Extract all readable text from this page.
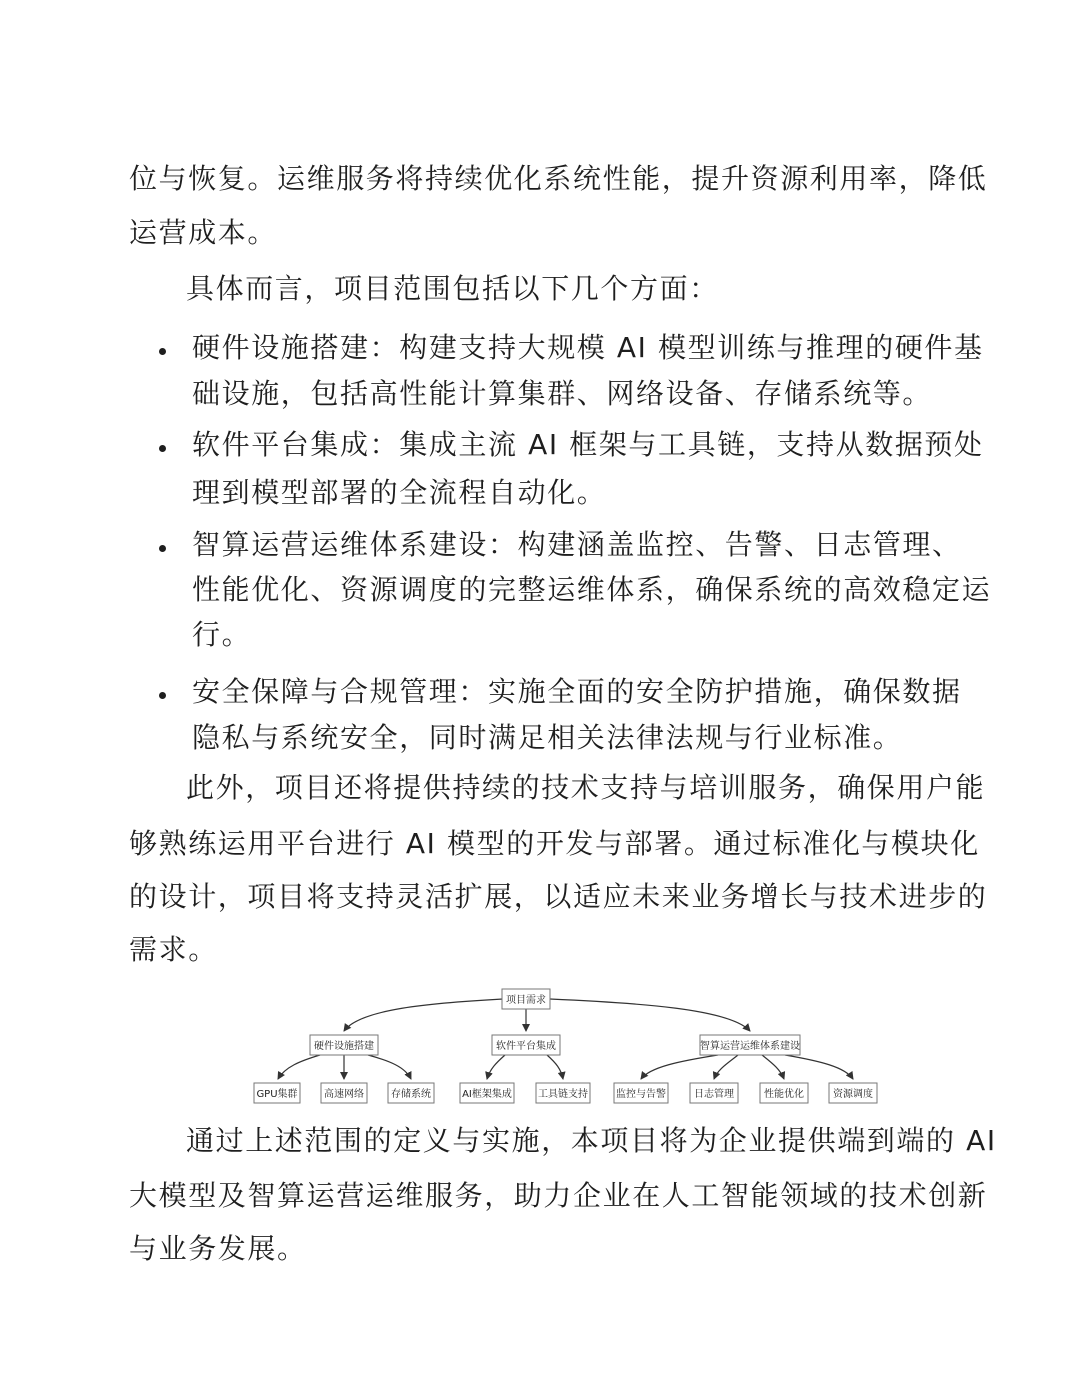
位与恢复。运维服务将持续优化系统性能，提升资源利用率，降低

运营成本。

具体而言，项目范围包括以下几个方面：

硬件设施搭建：构建支持大规模 AI 模型训练与推理的硬件基

础设施，包括高性能计算集群、网络设备、存储系统等。

软件平台集成：集成主流 AI 框架与工具链，支持从数据预处

理到模型部署的全流程自动化。

智算运营运维体系建设：构建涵盖监控、告警、日志管理、

性能优化、资源调度的完整运维体系，确保系统的高效稳定运

行。

安全保障与合规管理：实施全面的安全防护措施，确保数据

隐私与系统安全，同时满足相关法律法规与行业标准。

此外，项目还将提供持续的技术支持与培训服务，确保用户能

够熟练运用平台进行 AI 模型的开发与部署。通过标准化与模块化

的设计，项目将支持灵活扩展，以适应未来业务增长与技术进步的

需求。

项目需求
硬件设施搭建	软件平台集成	智算运营运维体系建设
GPU集群	高速网络	存储系统	AI框架集成	工具链支持	监控与告警	日志管理	性能优化	资源调度

通过上述范围的定义与实施，本项目将为企业提供端到端的 AI

大模型及智算运营运维服务，助力企业在人工智能领域的技术创新

与业务发展。
